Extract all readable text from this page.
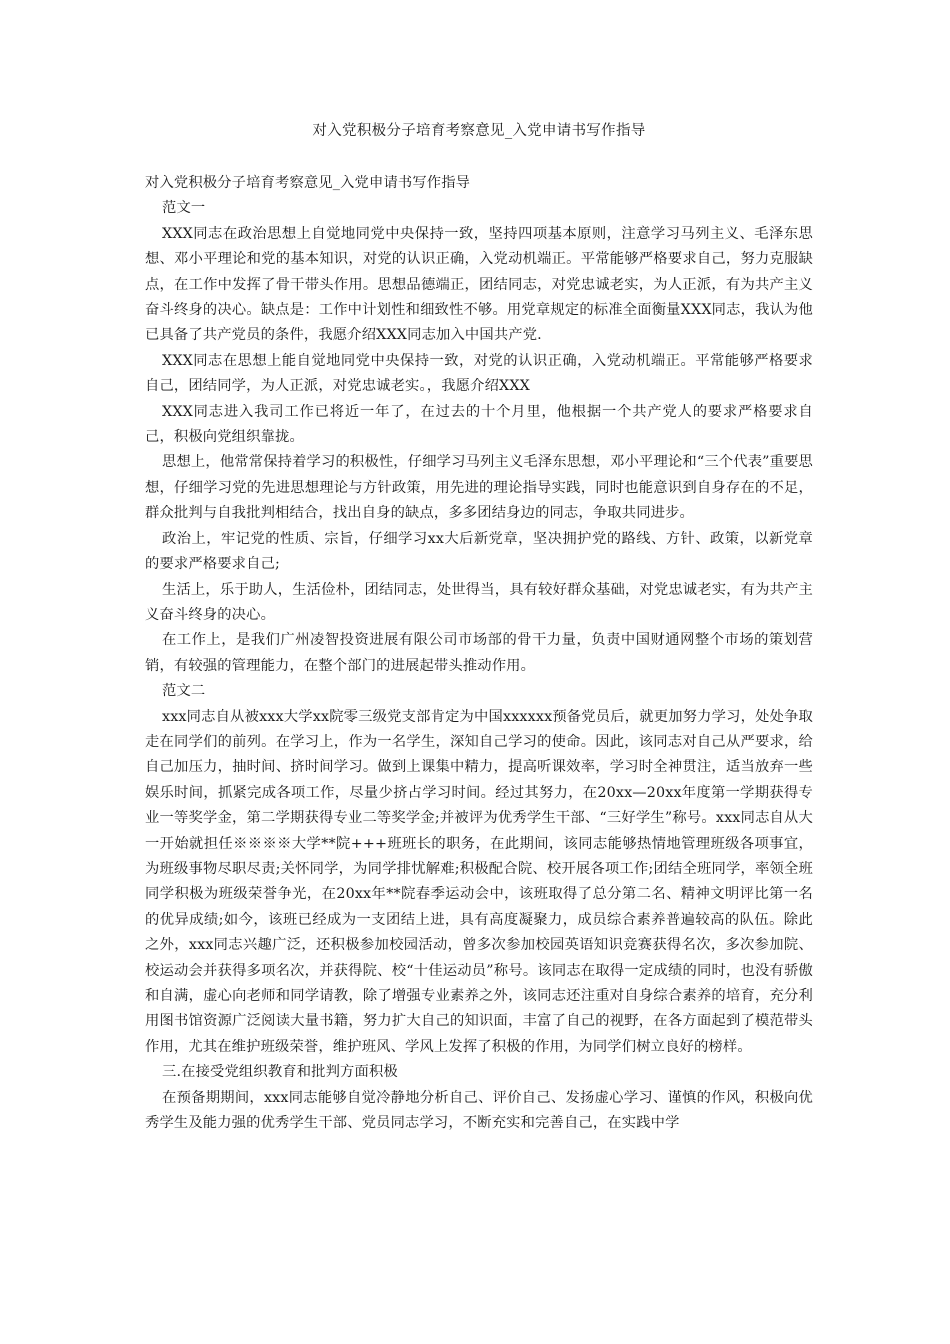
对入党积极分子培育考察意见_入党申请书写作指导

对入党积极分子培育考察意见_入党申请书写作指导

范文一

XXX同志在政治思想上自觉地同党中央保持一致，坚持四项基本原则，注意学习马列主义、毛泽东思想、邓小平理论和党的基本知识，对党的认识正确，入党动机端正。平常能够严格要求自己，努力克服缺点，在工作中发挥了骨干带头作用。思想品德端正，团结同志，对党忠诚老实，为人正派，有为共产主义奋斗终身的决心。缺点是：工作中计划性和细致性不够。用党章规定的标准全面衡量XXX同志，我认为他已具备了共产党员的条件，我愿介绍XXX同志加入中国共产党.

XXX同志在思想上能自觉地同党中央保持一致，对党的认识正确，入党动机端正。平常能够严格要求自己，团结同学，为人正派，对党忠诚老实。，我愿介绍XXX

XXX同志进入我司工作已将近一年了，在过去的十个月里，他根据一个共产党人的要求严格要求自己，积极向党组织靠拢。

思想上，他常常保持着学习的积极性，仔细学习马列主义毛泽东思想，邓小平理论和“三个代表”重要思想，仔细学习党的先进思想理论与方针政策，用先进的理论指导实践，同时也能意识到自身存在的不足，群众批判与自我批判相结合，找出自身的缺点，多多团结身边的同志，争取共同进步。

政治上，牢记党的性质、宗旨，仔细学习xx大后新党章，坚决拥护党的路线、方针、政策，以新党章的要求严格要求自己;

生活上，乐于助人，生活俭朴，团结同志，处世得当，具有较好群众基础，对党忠诚老实，有为共产主义奋斗终身的决心。

在工作上，是我们广州凌智投资进展有限公司市场部的骨干力量，负责中国财通网整个市场的策划营销，有较强的管理能力，在整个部门的进展起带头推动作用。

范文二

xxx同志自从被xxx大学xx院零三级党支部肯定为中国xxxxxx预备党员后，就更加努力学习，处处争取走在同学们的前列。在学习上，作为一名学生，深知自己学习的使命。因此，该同志对自己从严要求，给自己加压力，抽时间、挤时间学习。做到上课集中精力，提高听课效率，学习时全神贯注，适当放弃一些娱乐时间，抓紧完成各项工作，尽量少挤占学习时间。经过其努力，在20xx—20xx年度第一学期获得专业一等奖学金，第二学期获得专业二等奖学金;并被评为优秀学生干部、“三好学生”称号。xxx同志自从大一开始就担任※※※※大学**院+++班班长的职务，在此期间，该同志能够热情地管理班级各项事宜，为班级事物尽职尽责;关怀同学，为同学排忧解难;积极配合院、校开展各项工作;团结全班同学，率领全班同学积极为班级荣誉争光，在20xx年**院春季运动会中，该班取得了总分第二名、精神文明评比第一名的优异成绩;如今，该班已经成为一支团结上进，具有高度凝聚力，成员综合素养普遍较高的队伍。除此之外，xxx同志兴趣广泛，还积极参加校园活动，曾多次参加校园英语知识竞赛获得名次，多次参加院、校运动会并获得多项名次，并获得院、校“十佳运动员”称号。该同志在取得一定成绩的同时，也没有骄傲和自满，虚心向老师和同学请教，除了增强专业素养之外，该同志还注重对自身综合素养的培育，充分利用图书馆资源广泛阅读大量书籍，努力扩大自己的知识面，丰富了自己的视野，在各方面起到了模范带头作用，尤其在维护班级荣誉，维护班风、学风上发挥了积极的作用，为同学们树立良好的榜样。

三.在接受党组织教育和批判方面积极

在预备期期间，xxx同志能够自觉冷静地分析自己、评价自己、发扬虚心学习、谨慎的作风，积极向优秀学生及能力强的优秀学生干部、党员同志学习，不断充实和完善自己，在实践中学
